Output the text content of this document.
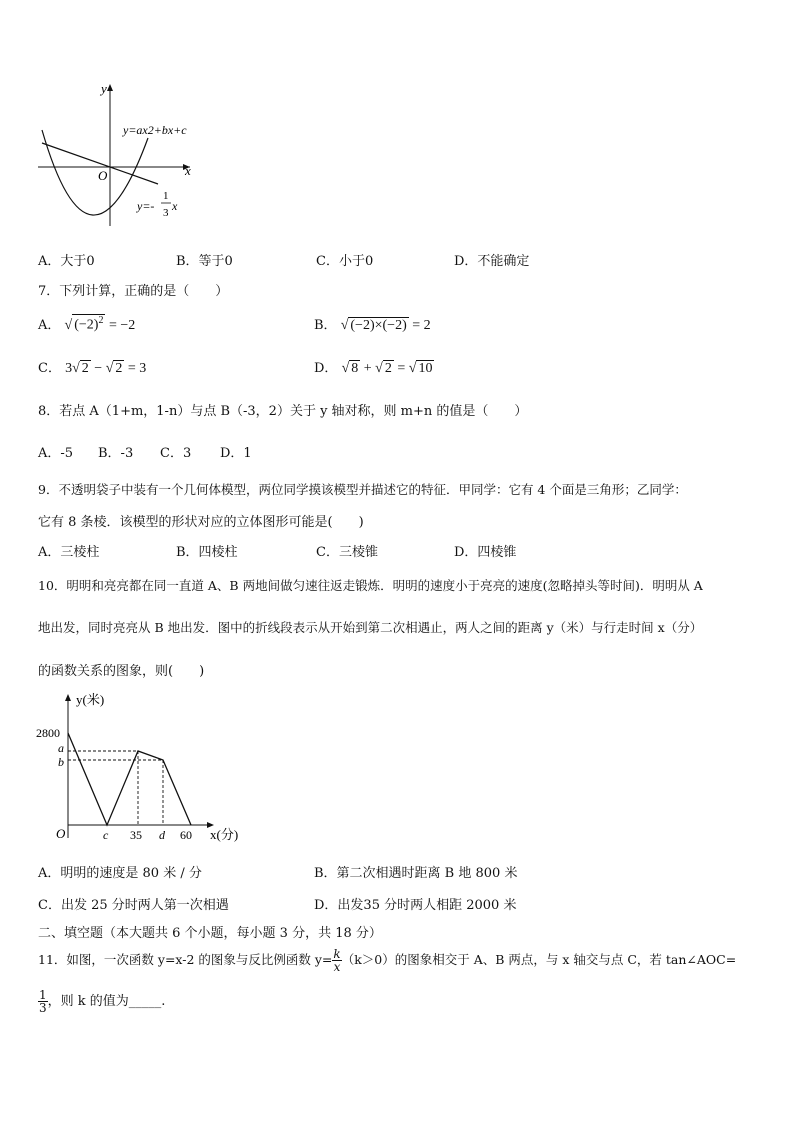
y
x
O
y=ax2+bx+c
y=-
1
3 x
A．大于0	B．等于0	C．小于0	D．不能确定
7．下列计算，正确的是（　　）
A． √ $(-2)^2 = -2$	B． √ (−2)×(−2) = 2
C． 3√ 2 − √ 2 = 3	D． √ 8 + √ 2 = √ 10
8．若点 A（1+m，1-n）与点 B（-3，2）关于 y 轴对称，则 m+n 的值是（　　）
A．-5 B．-3 C．3 D．1
9．不透明袋子中装有一个几何体模型，两位同学摸该模型并描述它的特征．甲同学：它有 4 个面是三角形；乙同学：
它有 8 条棱．该模型的形状对应的立体图形可能是(　　)
A．三棱柱	B．四棱柱	C．三棱锥	D．四棱锥
10．明明和亮亮都在同一直道 A、B 两地间做匀速往返走锻炼．明明的速度小于亮亮的速度(忽略掉头等时间)．明明从 A
地出发，同时亮亮从 B 地出发．图中的折线段表示从开始到第二次相遇止，两人之间的距离 y（米）与行走时间 x（分）
的函数关系的图象，则(　　)
y(米)
x(分)
O
2800
a
b
c 35 d 60
A．明明的速度是 80 米 / 分	B．第二次相遇时距离 B 地 800 米
C．出发 25 分时两人第一次相遇	D．出发35 分时两人相距 2000 米
二、填空题（本大题共 6 个小题，每小题 3 分，共 18 分）
11．如图，一次函数 y=x-2 的图象与反比例函数 $y= \frac{k}{x} (k>0)$的图象相交于 A、B 两点，与 x 轴交与点 C，若 tan∠AOC=
$\frac{1}{3}$ ，则 k 的值为_____.
